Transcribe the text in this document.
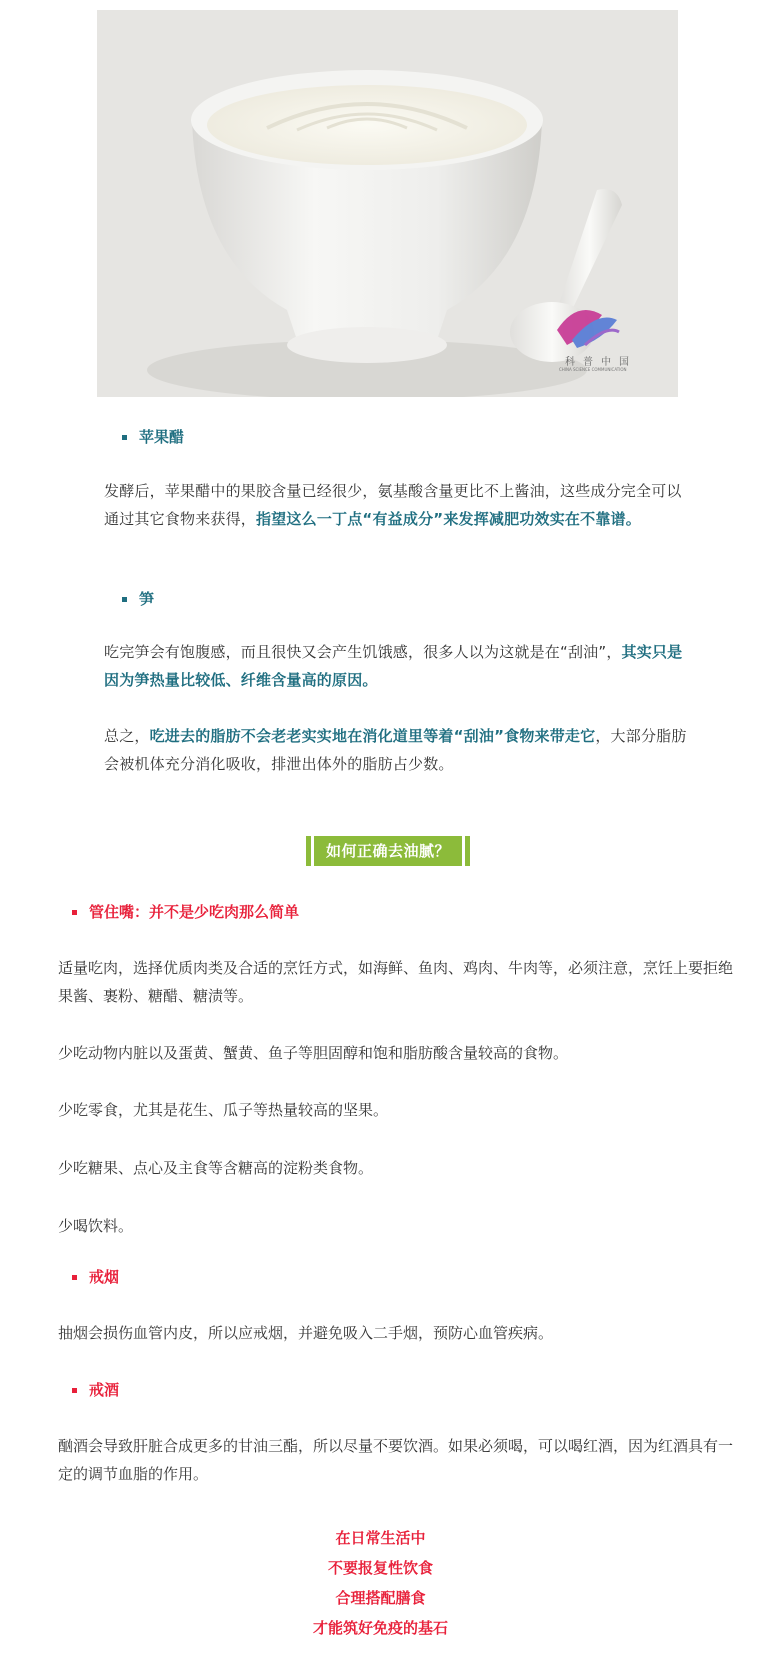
科普中国
CHINA SCIENCE COMMUNICATION
苹果醋

发酵后，苹果醋中的果胶含量已经很少，氨基酸含量更比不上酱油，这些成分完全可以通过其它食物来获得，指望这么一丁点“有益成分”来发挥减肥功效实在不靠谱。

笋

吃完笋会有饱腹感，而且很快又会产生饥饿感，很多人以为这就是在“刮油”，其实只是因为笋热量比较低、纤维含量高的原因。

总之，吃进去的脂肪不会老老实实地在消化道里等着“刮油”食物来带走它，大部分脂肪会被机体充分消化吸收，排泄出体外的脂肪占少数。

如何正确去油腻？
管住嘴：并不是少吃肉那么简单

适量吃肉，选择优质肉类及合适的烹饪方式，如海鲜、鱼肉、鸡肉、牛肉等，必须注意，烹饪上要拒绝果酱、裹粉、糖醋、糖渍等。

少吃动物内脏以及蛋黄、蟹黄、鱼子等胆固醇和饱和脂肪酸含量较高的食物。

少吃零食，尤其是花生、瓜子等热量较高的坚果。

少吃糖果、点心及主食等含糖高的淀粉类食物。

少喝饮料。

戒烟

抽烟会损伤血管内皮，所以应戒烟，并避免吸入二手烟，预防心血管疾病。

戒酒

酗酒会导致肝脏合成更多的甘油三酯，所以尽量不要饮酒。如果必须喝，可以喝红酒，因为红酒具有一定的调节血脂的作用。

在日常生活中
不要报复性饮食
合理搭配膳食
才能筑好免疫的基石
